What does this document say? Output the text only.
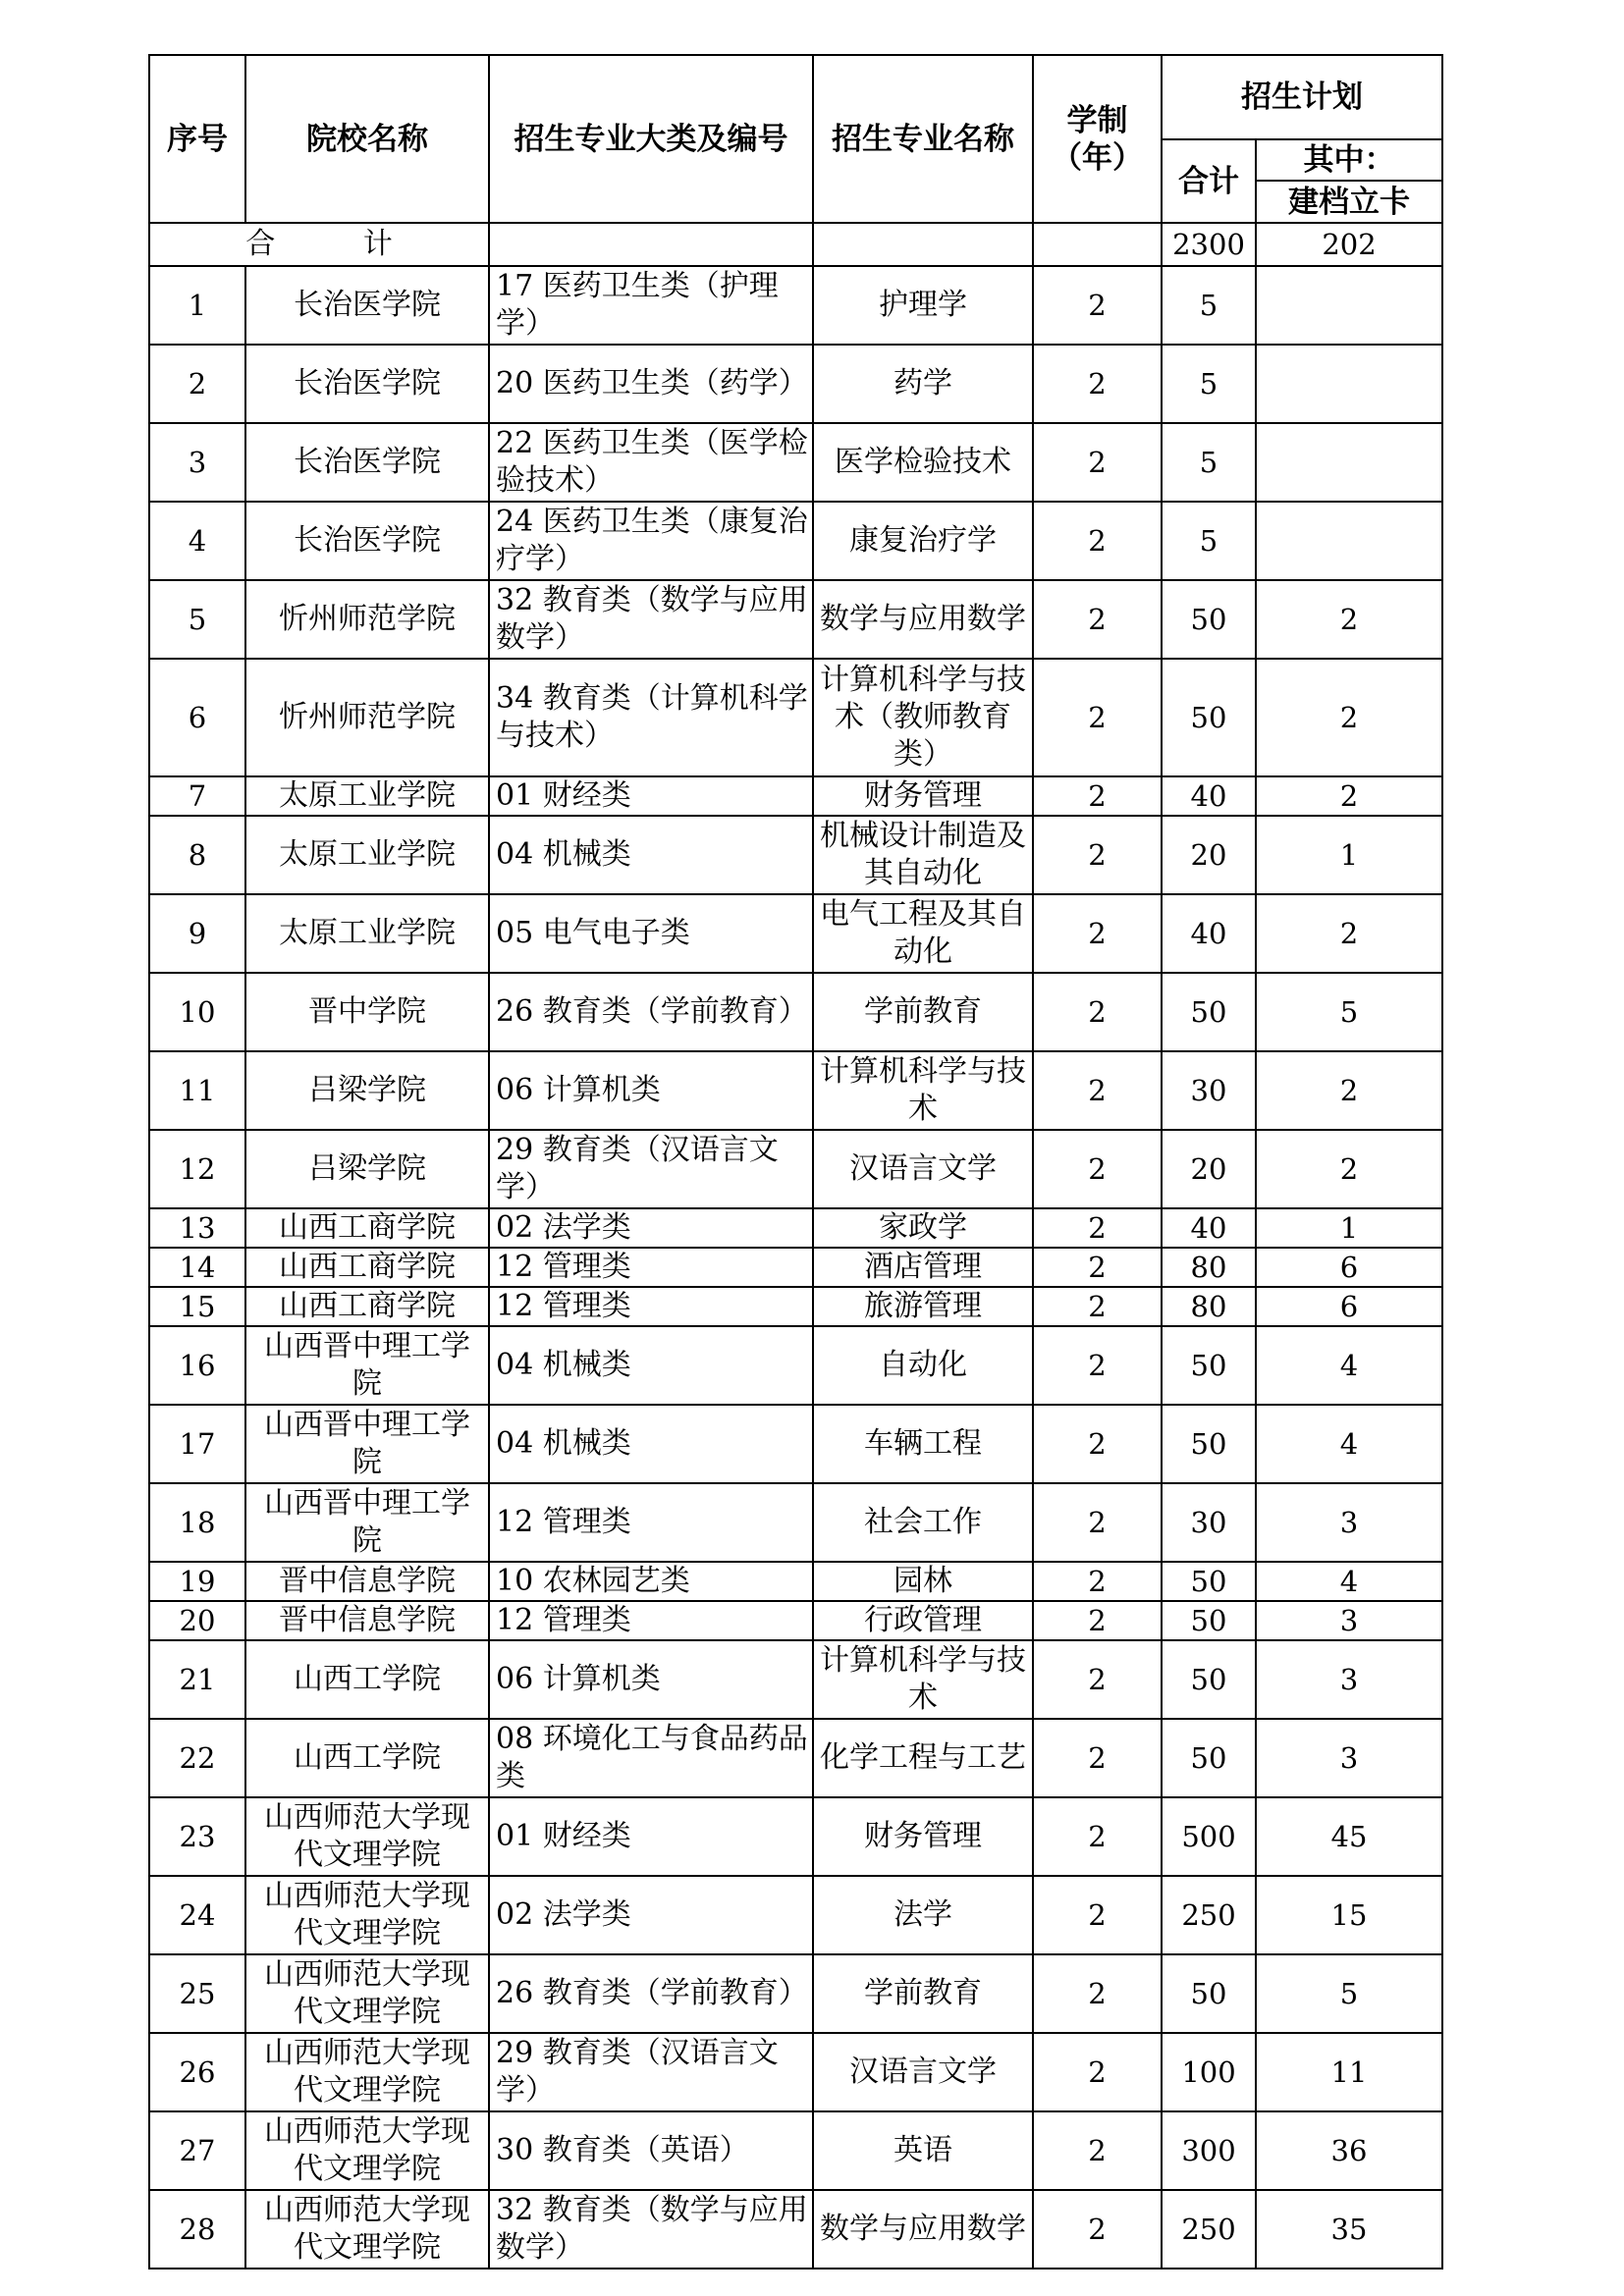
序号	院校名称	招生专业大类及编号	招生专业名称	学制（年）	招生计划	
					合计	其中：
						建档立卡
合 计					2300	202
1	长治医学院	17 医药卫生类（护理学）	护理学	2	5	
2	长治医学院	20 医药卫生类（药学）	药学	2	5	
3	长治医学院	22 医药卫生类（医学检验技术）	医学检验技术	2	5	
4	长治医学院	24 医药卫生类（康复治疗学）	康复治疗学	2	5	
5	忻州师范学院	32 教育类（数学与应用数学）	数学与应用数学	2	50	2
6	忻州师范学院	34 教育类（计算机科学与技术）	计算机科学与技术（教师教育类）	2	50	2
7	太原工业学院	01 财经类	财务管理	2	40	2
8	太原工业学院	04 机械类	机械设计制造及其自动化	2	20	1
9	太原工业学院	05 电气电子类	电气工程及其自动化	2	40	2
10	晋中学院	26 教育类（学前教育）	学前教育	2	50	5
11	吕梁学院	06 计算机类	计算机科学与技术	2	30	2
12	吕梁学院	29 教育类（汉语言文学）	汉语言文学	2	20	2
13	山西工商学院	02 法学类	家政学	2	40	1
14	山西工商学院	12 管理类	酒店管理	2	80	6
15	山西工商学院	12 管理类	旅游管理	2	80	6
16	山西晋中理工学院	04 机械类	自动化	2	50	4
17	山西晋中理工学院	04 机械类	车辆工程	2	50	4
18	山西晋中理工学院	12 管理类	社会工作	2	30	3
19	晋中信息学院	10 农林园艺类	园林	2	50	4
20	晋中信息学院	12 管理类	行政管理	2	50	3
21	山西工学院	06 计算机类	计算机科学与技术	2	50	3
22	山西工学院	08 环境化工与食品药品类	化学工程与工艺	2	50	3
23	山西师范大学现代文理学院	01 财经类	财务管理	2	500	45
24	山西师范大学现代文理学院	02 法学类	法学	2	250	15
25	山西师范大学现代文理学院	26 教育类（学前教育）	学前教育	2	50	5
26	山西师范大学现代文理学院	29 教育类（汉语言文学）	汉语言文学	2	100	11
27	山西师范大学现代文理学院	30 教育类（英语）	英语	2	300	36
28	山西师范大学现代文理学院	32 教育类（数学与应用数学）	数学与应用数学	2	250	35
